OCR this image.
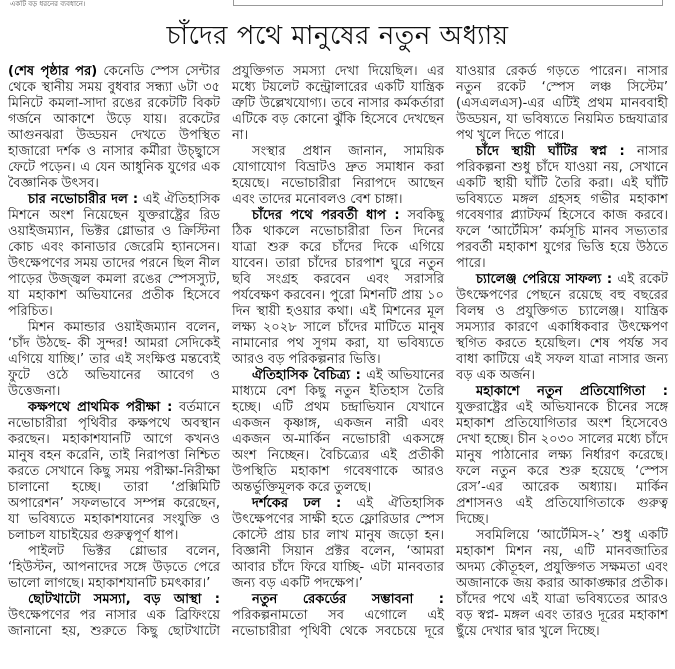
একটি বড় ধরনের ব্যবধানে।
চাঁদের পথে মানুষের নতুন অধ্যায়

(শেষ পৃষ্ঠার পর) কেনেডি স্পেস সেন্টার থেকে স্থানীয় সময় বুধবার সন্ধ্যা ৬টা ৩৫ মিনিটে কমলা-সাদা রঙের রকেটটি বিকট গর্জনে আকাশে উড়ে যায়। রকেটের আগুনঝরা উড্ডয়ন দেখতে উপস্থিত হাজারো দর্শক ও নাসার কর্মীরা উচ্ছ্বাসে ফেটে পড়েন। এ যেন আধুনিক যুগের এক বৈজ্ঞানিক উৎসব।

চার নভোচারীর দল : এই ঐতিহাসিক মিশনে অংশ নিয়েছেন যুক্তরাষ্ট্রের রিড ওয়াইজম্যান, ভিক্টর গ্লোভার ও ক্রিস্টিনা কোচ এবং কানাডার জেরেমি হ্যানসেন। উৎক্ষেপণের সময় তাদের পরনে ছিল নীল পাড়ের উজ্জ্বল কমলা রঙের স্পেসস্যুট, যা মহাকাশ অভিযানের প্রতীক হিসেবে পরিচিত।

মিশন কমান্ডার ওয়াইজম্যান বলেন, ‘চাঁদ উঠছে- কী সুন্দর! আমরা সেদিকেই এগিয়ে যাচ্ছি।’ তার এই সংক্ষিপ্ত মন্তব্যেই ফুটে ওঠে অভিযানের আবেগ ও উত্তেজনা।

কক্ষপথে প্রাথমিক পরীক্ষা : বর্তমানে নভোচারীরা পৃথিবীর কক্ষপথে অবস্থান করছেন। মহাকাশযানটি আগে কখনও মানুষ বহন করেনি, তাই নিরাপত্তা নিশ্চিত করতে সেখানে কিছু সময় পরীক্ষা-নিরীক্ষা চালানো হচ্ছে। তারা ‘প্রক্সিমিটি অপারেশন’ সফলভাবে সম্পন্ন করেছেন, যা ভবিষ্যতে মহাকাশযানের সংযুক্তি ও চলাচল যাচাইয়ের গুরুত্বপূর্ণ ধাপ।

পাইলট ভিক্টর গ্লোভার বলেন, ‘হিউস্টন, আপনাদের সঙ্গে উড়তে পেরে ভালো লাগছে। মহাকাশযানটি চমৎকার।’

ছোটখাটো সমস্যা, বড় আস্থা : উৎক্ষেপণের পর নাসার এক ব্রিফিংয়ে জানানো হয়, শুরুতে কিছু ছোটখাটো প্রযুক্তিগত সমস্যা দেখা দিয়েছিল। এর মধ্যে টয়লেট কন্ট্রোলারের একটি যান্ত্রিক ত্রুটি উল্লেখযোগ্য। তবে নাসার কর্মকর্তারা এটিকে বড় কোনো ঝুঁকি হিসেবে দেখছেন না।

সংস্থার প্রধান জানান, সাময়িক যোগাযোগ বিভ্রাটও দ্রুত সমাধান করা হয়েছে। নভোচারীরা নিরাপদে আছেন এবং তাদের মনোবলও বেশ চাঙ্গা।

চাঁদের পথে পরবর্তী ধাপ : সবকিছু ঠিক থাকলে নভোচারীরা তিন দিনের যাত্রা শুরু করে চাঁদের দিকে এগিয়ে যাবেন। তারা চাঁদের চারপাশ ঘুরে নতুন ছবি সংগ্রহ করবেন এবং সরাসরি পর্যবেক্ষণ করবেন। পুরো মিশনটি প্রায় ১০ দিন স্থায়ী হওয়ার কথা। এই মিশনের মূল লক্ষ্য ২০২৮ সালে চাঁদের মাটিতে মানুষ নামানোর পথ সুগম করা, যা ভবিষ্যতে আরও বড় পরিকল্পনার ভিত্তি।

ঐতিহাসিক বৈচিত্র্য : এই অভিযানের মাধ্যমে বেশ কিছু নতুন ইতিহাস তৈরি হচ্ছে। এটি প্রথম চন্দ্রাভিযান যেখানে একজন কৃষ্ণাঙ্গ, একজন নারী এবং একজন অ-মার্কিন নভোচারী একসঙ্গে অংশ নিচ্ছেন। বৈচিত্র্যের এই প্রতীকী উপস্থিতি মহাকাশ গবেষণাকে আরও অন্তর্ভুক্তিমূলক করে তুলছে।

দর্শকের ঢল : এই ঐতিহাসিক উৎক্ষেপণের সাক্ষী হতে ফ্লোরিডার স্পেস কোস্টে প্রায় চার লাখ মানুষ জড়ো হন। বিজ্ঞানী সিয়ান প্রক্টর বলেন, ‘আমরা আবার চাঁদে ফিরে যাচ্ছি- এটা মানবতার জন্য বড় একটি পদক্ষেপ।’

নতুন রেকর্ডের সম্ভাবনা : পরিকল্পনামতো সব এগোলে এই নভোচারীরা পৃথিবী থেকে সবচেয়ে দূরে যাওয়ার রেকর্ড গড়তে পারেন। নাসার নতুন রকেট ‘স্পেস লঞ্চ সিস্টেম’ (এসএলএস)-এর এটিই প্রথম মানববাহী উড্ডয়ন, যা ভবিষ্যতে নিয়মিত চন্দ্রযাত্রার পথ খুলে দিতে পারে।

চাঁদে স্থায়ী ঘাঁটির স্বপ্ন : নাসার পরিকল্পনা শুধু চাঁদে যাওয়া নয়, সেখানে একটি স্থায়ী ঘাঁটি তৈরি করা। এই ঘাঁটি ভবিষ্যতে মঙ্গল গ্রহসহ গভীর মহাকাশ গবেষণার প্ল্যাটফর্ম হিসেবে কাজ করবে। ফলে ‘আর্টেমিস’ কর্মসূচি মানব সভ্যতার পরবর্তী মহাকাশ যুগের ভিত্তি হয়ে উঠতে পারে।

চ্যালেঞ্জ পেরিয়ে সাফল্য : এই রকেট উৎক্ষেপণের পেছনে রয়েছে বহু বছরের বিলম্ব ও প্রযুক্তিগত চ্যালেঞ্জ। যান্ত্রিক সমস্যার কারণে একাধিকবার উৎক্ষেপণ স্থগিত করতে হয়েছিল। শেষ পর্যন্ত সব বাধা কাটিয়ে এই সফল যাত্রা নাসার জন্য বড় এক অর্জন।

মহাকাশে নতুন প্রতিযোগিতা : যুক্তরাষ্ট্রের এই অভিযানকে চীনের সঙ্গে মহাকাশ প্রতিযোগিতার অংশ হিসেবেও দেখা হচ্ছে। চীন ২০৩০ সালের মধ্যে চাঁদে মানুষ পাঠানোর লক্ষ্য নির্ধারণ করেছে। ফলে নতুন করে শুরু হয়েছে ‘স্পেস রেস’-এর আরেক অধ্যায়। মার্কিন প্রশাসনও এই প্রতিযোগিতাকে গুরুত্ব দিচ্ছে।

সবমিলিয়ে ‘আর্টেমিস-২’ শুধু একটি মহাকাশ মিশন নয়, এটি মানবজাতির অদম্য কৌতূহল, প্রযুক্তিগত সক্ষমতা এবং অজানাকে জয় করার আকাঙ্ক্ষার প্রতীক। চাঁদের পথে এই যাত্রা ভবিষ্যতের আরও বড় স্বপ্ন- মঙ্গল এবং তারও দূরের মহাকাশ ছুঁয়ে দেখার দ্বার খুলে দিচ্ছে।
